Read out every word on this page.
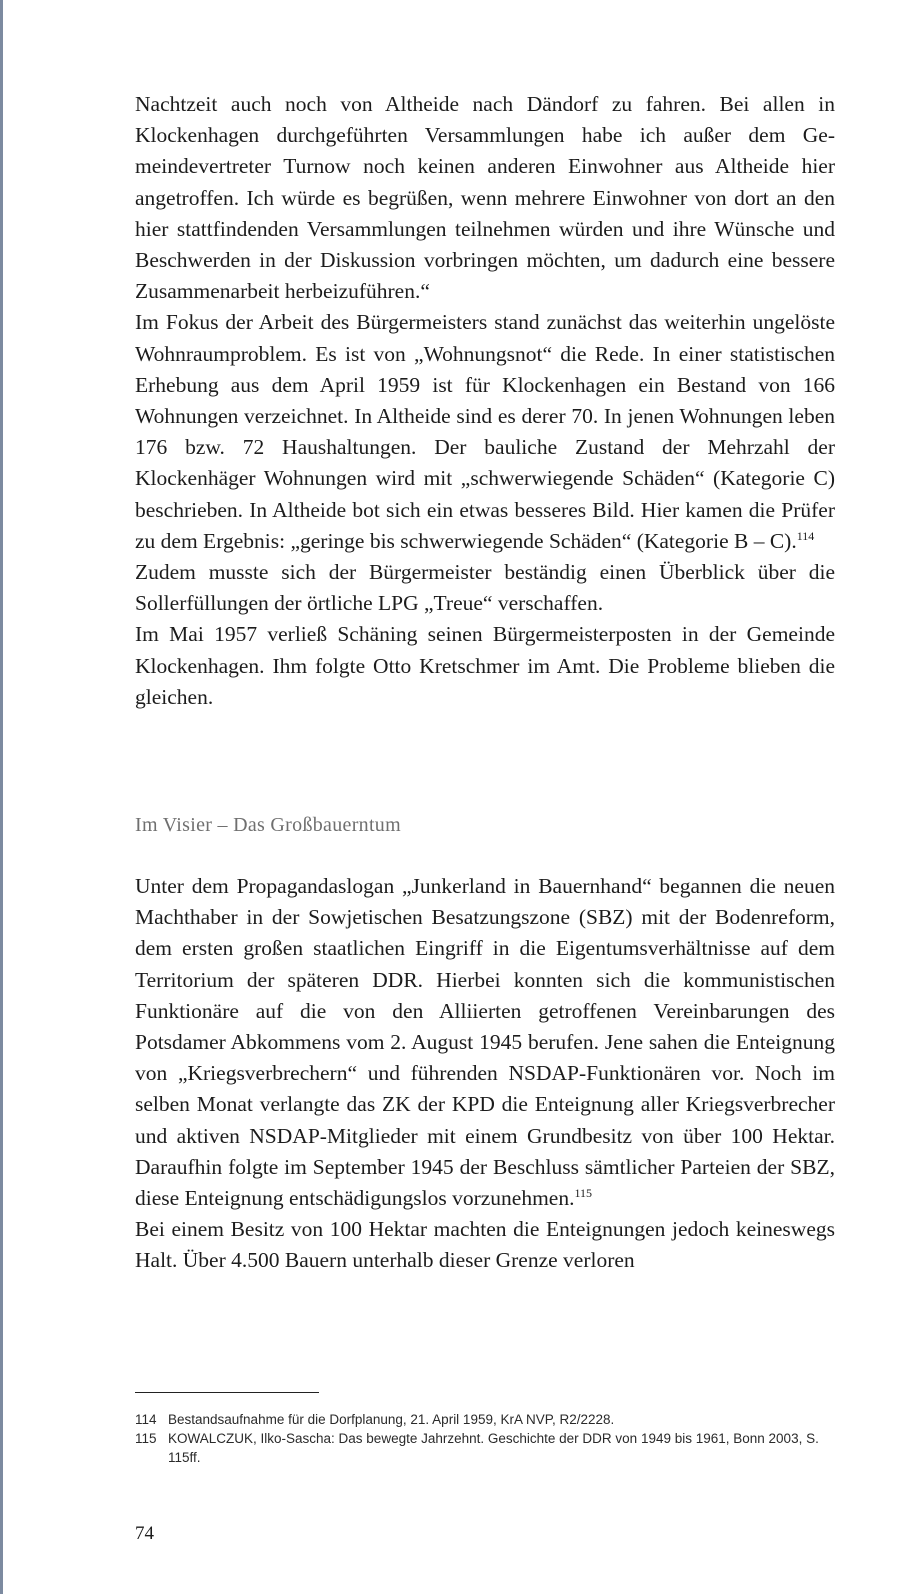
Nachtzeit auch noch von Altheide nach Dändorf zu fahren. Bei allen in Klockenhagen durchgeführten Versammlungen habe ich außer dem Gemeindevertreter Turnow noch keinen anderen Einwohner aus Altheide hier angetroffen. Ich würde es begrüßen, wenn mehrere Einwohner von dort an den hier stattfindenden Versammlungen teilnehmen würden und ihre Wünsche und Beschwerden in der Diskussion vorbringen möchten, um dadurch eine bessere Zusammenarbeit herbeizuführen.“

Im Fokus der Arbeit des Bürgermeisters stand zunächst das weiterhin ungelöste Wohnraumproblem. Es ist von „Wohnungsnot“ die Rede. In einer statistischen Erhebung aus dem April 1959 ist für Klockenhagen ein Bestand von 166 Wohnungen verzeichnet. In Altheide sind es derer 70. In jenen Wohnungen leben 176 bzw. 72 Haushaltungen. Der bauliche Zustand der Mehrzahl der Klockenhäger Wohnungen wird mit „schwerwiegende Schäden“ (Kategorie C) beschrieben. In Altheide bot sich ein etwas besseres Bild. Hier kamen die Prüfer zu dem Ergebnis: „geringe bis schwerwiegende Schäden“ (Kategorie B – C).$^{114}$

Zudem musste sich der Bürgermeister beständig einen Überblick über die Sollerfüllungen der örtliche LPG „Treue“ verschaffen.

Im Mai 1957 verließ Schäning seinen Bürgermeisterposten in der Gemeinde Klockenhagen. Ihm folgte Otto Kretschmer im Amt. Die Probleme blieben die gleichen.

Im Visier – Das Großbauerntum

Unter dem Propagandaslogan „Junkerland in Bauernhand“ begannen die neuen Machthaber in der Sowjetischen Besatzungszone (SBZ) mit der Bodenreform, dem ersten großen staatlichen Eingriff in die Eigentumsverhältnisse auf dem Territorium der späteren DDR. Hierbei konnten sich die kommunistischen Funktionäre auf die von den Alliierten getroffenen Vereinbarungen des Potsdamer Abkommens vom 2. August 1945 berufen. Jene sahen die Enteignung von „Kriegsverbrechern“ und führenden NSDAP-Funktionären vor. Noch im selben Monat verlangte das ZK der KPD die Enteignung aller Kriegsverbrecher und aktiven NSDAP-Mitglieder mit einem Grundbesitz von über 100 Hektar. Daraufhin folgte im September 1945 der Beschluss sämtlicher Parteien der SBZ, diese Enteignung entschädigungslos vorzunehmen.$^{115}$

Bei einem Besitz von 100 Hektar machten die Enteignungen jedoch keineswegs Halt. Über 4.500 Bauern unterhalb dieser Grenze verloren

114 Bestandsaufnahme für die Dorfplanung, 21. April 1959, KrA NVP, R2/2228.
115 KOWALCZUK, Ilko-Sascha: Das bewegte Jahrzehnt. Geschichte der DDR von 1949 bis 1961, Bonn 2003, S. 115ff.
74
